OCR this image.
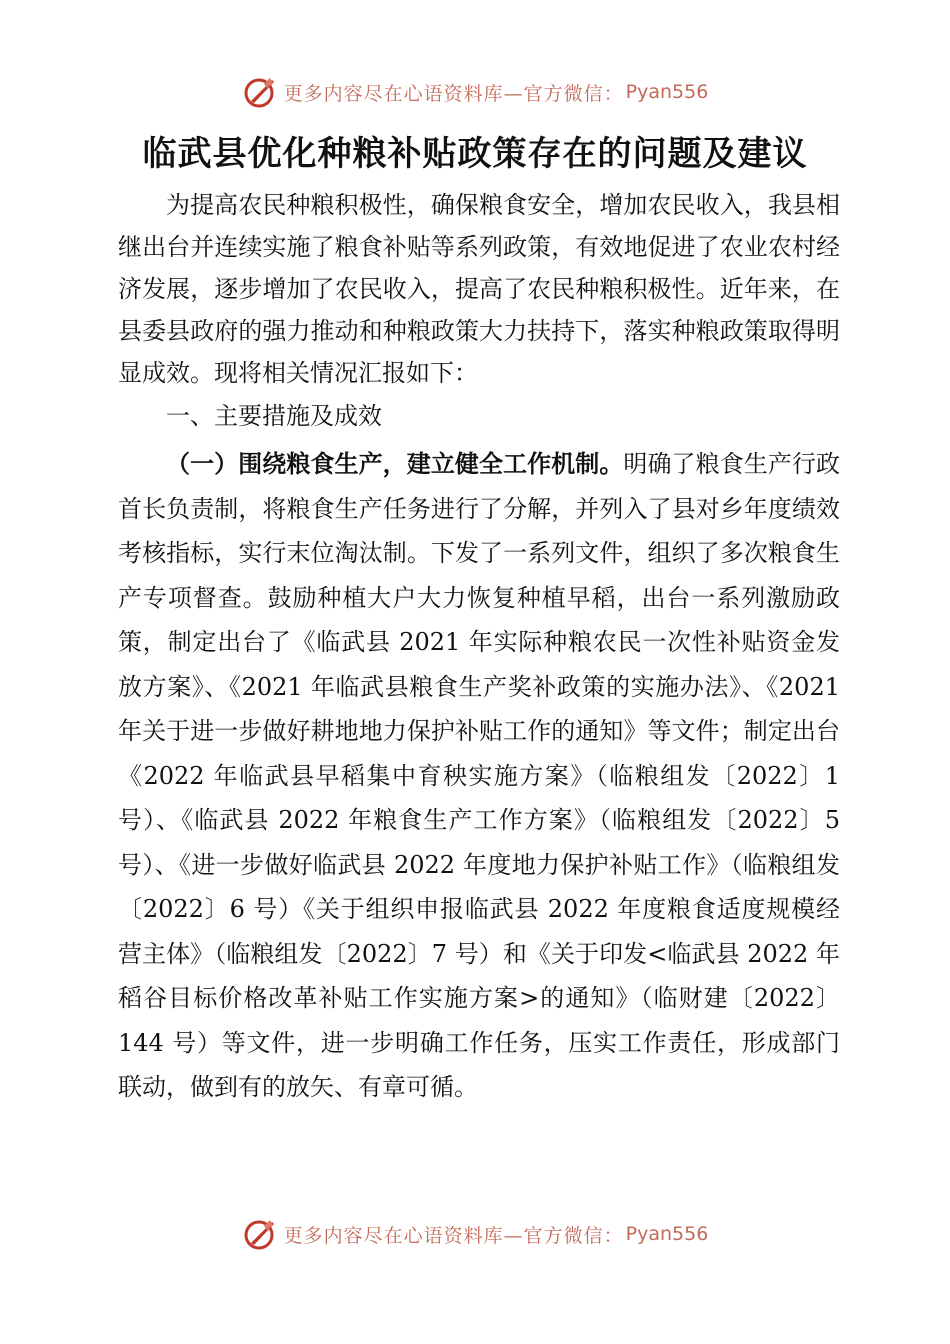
更多内容尽在心语资料库—官方微信： Pyan556
临武县优化种粮补贴政策存在的问题及建议

为提高农民种粮积极性，确保粮食安全，增加农民收入，我县相继出台并连续实施了粮食补贴等系列政策，有效地促进了农业农村经济发展，逐步增加了农民收入，提高了农民种粮积极性。近年来，在县委县政府的强力推动和种粮政策大力扶持下，落实种粮政策取得明显成效。现将相关情况汇报如下：

一、主要措施及成效

（一）围绕粮食生产，建立健全工作机制。明确了粮食生产行政首长负责制，将粮食生产任务进行了分解，并列入了县对乡年度绩效考核指标，实行末位淘汰制。下发了一系列文件，组织了多次粮食生产专项督查。鼓励种植大户大力恢复种植早稻，出台一系列激励政策，制定出台了《临武县 2021 年实际种粮农民一次性补贴资金发放方案》、《2021 年临武县粮食生产奖补政策的实施办法》、《2021 年关于进一步做好耕地地力保护补贴工作的通知》等文件；制定出台《2022 年临武县早稻集中育秧实施方案》（临粮组发〔2022〕1 号）、《临武县 2022 年粮食生产工作方案》（临粮组发〔2022〕5 号）、《进一步做好临武县 2022 年度地力保护补贴工作》（临粮组发〔2022〕6 号）《关于组织申报临武县 2022 年度粮食适度规模经营主体》（临粮组发〔2022〕7 号）和《关于印发<临武县 2022 年稻谷目标价格改革补贴工作实施方案>的通知》（临财建〔2022〕144 号）等文件，进一步明确工作任务，压实工作责任，形成部门联动，做到有的放矢、有章可循。

更多内容尽在心语资料库—官方微信： Pyan556
